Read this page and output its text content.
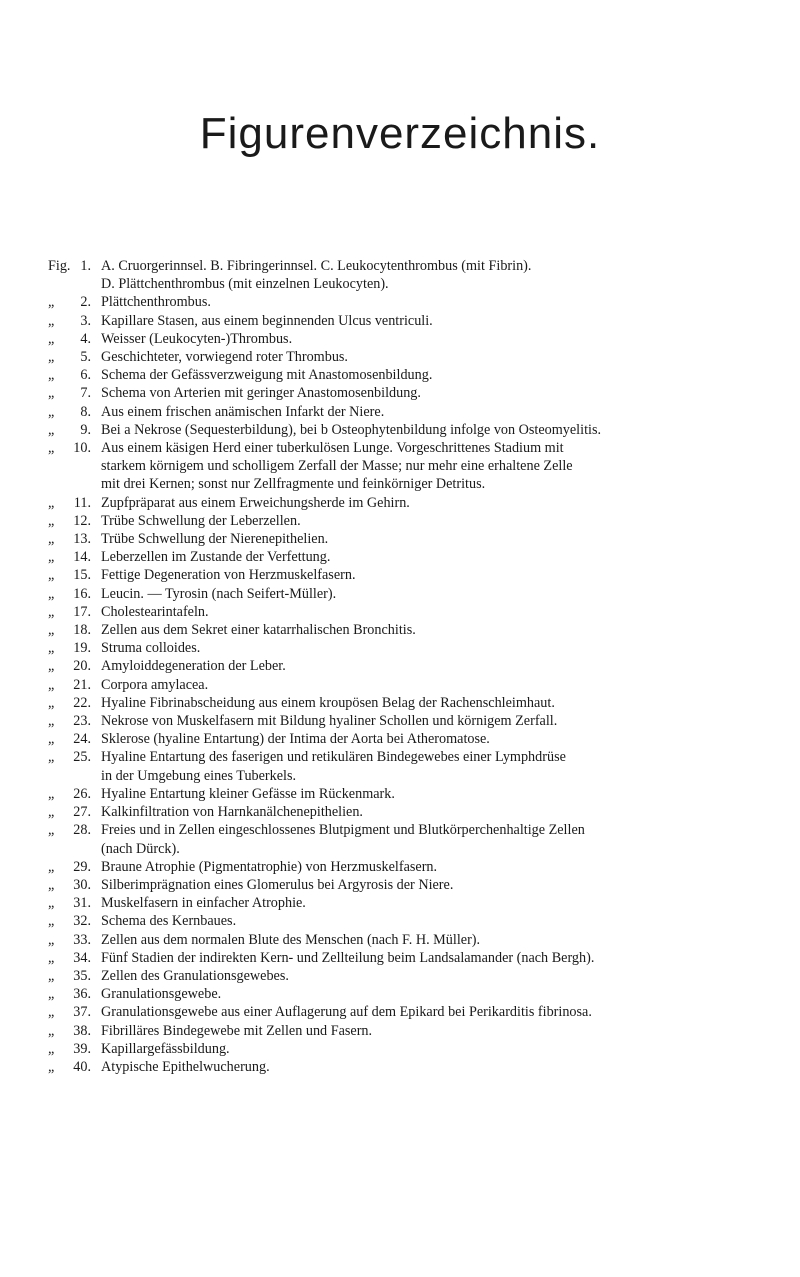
Figurenverzeichnis.
Fig. 1. A. Cruorgerinnsel. B. Fibringerinnsel. C. Leukocytenthrombus (mit Fibrin).
D. Plättchenthrombus (mit einzelnen Leukocyten).
„	2. Plättchenthrombus.
„	3. Kapillare Stasen, aus einem beginnenden Ulcus ventriculi.
„	4. Weisser (Leukocyten-)Thrombus.
„	5. Geschichteter, vorwiegend roter Thrombus.
„	6. Schema der Gefässverzweigung mit Anastomosenbildung.
„	7. Schema von Arterien mit geringer Anastomosenbildung.
„	8. Aus einem frischen anämischen Infarkt der Niere.
„	9. Bei a Nekrose (Sequesterbildung), bei b Osteophytenbildung infolge von Osteomyelitis.
„	10. Aus einem käsigen Herd einer tuberkulösen Lunge. Vorgeschrittenes Stadium mit
starkem körnigem und scholligem Zerfall der Masse; nur mehr eine erhaltene Zelle
mit drei Kernen; sonst nur Zellfragmente und feinkörniger Detritus.
„	11. Zupfpräparat aus einem Erweichungsherde im Gehirn.
„	12. Trübe Schwellung der Leberzellen.
„	13. Trübe Schwellung der Nierenepithelien.
„	14. Leberzellen im Zustande der Verfettung.
„	15. Fettige Degeneration von Herzmuskelfasern.
„	16. Leucin. — Tyrosin (nach Seifert-Müller).
„	17. Cholestearintafeln.
„	18. Zellen aus dem Sekret einer katarrhalischen Bronchitis.
„	19. Struma colloides.
„	20. Amyloiddegeneration der Leber.
„	21. Corpora amylacea.
„	22. Hyaline Fibrinabscheidung aus einem kroupösen Belag der Rachenschleimhaut.
„	23. Nekrose von Muskelfasern mit Bildung hyaliner Schollen und körnigem Zerfall.
„	24. Sklerose (hyaline Entartung) der Intima der Aorta bei Atheromatose.
„	25. Hyaline Entartung des faserigen und retikulären Bindegewebes einer Lymphdrüse
in der Umgebung eines Tuberkels.
„	26. Hyaline Entartung kleiner Gefässe im Rückenmark.
„	27. Kalkinfiltration von Harnkanälchenepithelien.
„	28. Freies und in Zellen eingeschlossenes Blutpigment und Blutkörperchenhaltige Zellen
(nach Dürck).
„	29. Braune Atrophie (Pigmentatrophie) von Herzmuskelfasern.
„	30. Silberimprägnation eines Glomerulus bei Argyrosis der Niere.
„	31. Muskelfasern in einfacher Atrophie.
„	32. Schema des Kernbaues.
„	33. Zellen aus dem normalen Blute des Menschen (nach F. H. Müller).
„	34. Fünf Stadien der indirekten Kern- und Zellteilung beim Landsalamander (nach Bergh).
„	35. Zellen des Granulationsgewebes.
„	36. Granulationsgewebe.
„	37. Granulationsgewebe aus einer Auflagerung auf dem Epikard bei Perikarditis fibrinosa.
„	38. Fibrilläres Bindegewebe mit Zellen und Fasern.
„	39. Kapillargefässbildung.
„	40. Atypische Epithelwucherung.
